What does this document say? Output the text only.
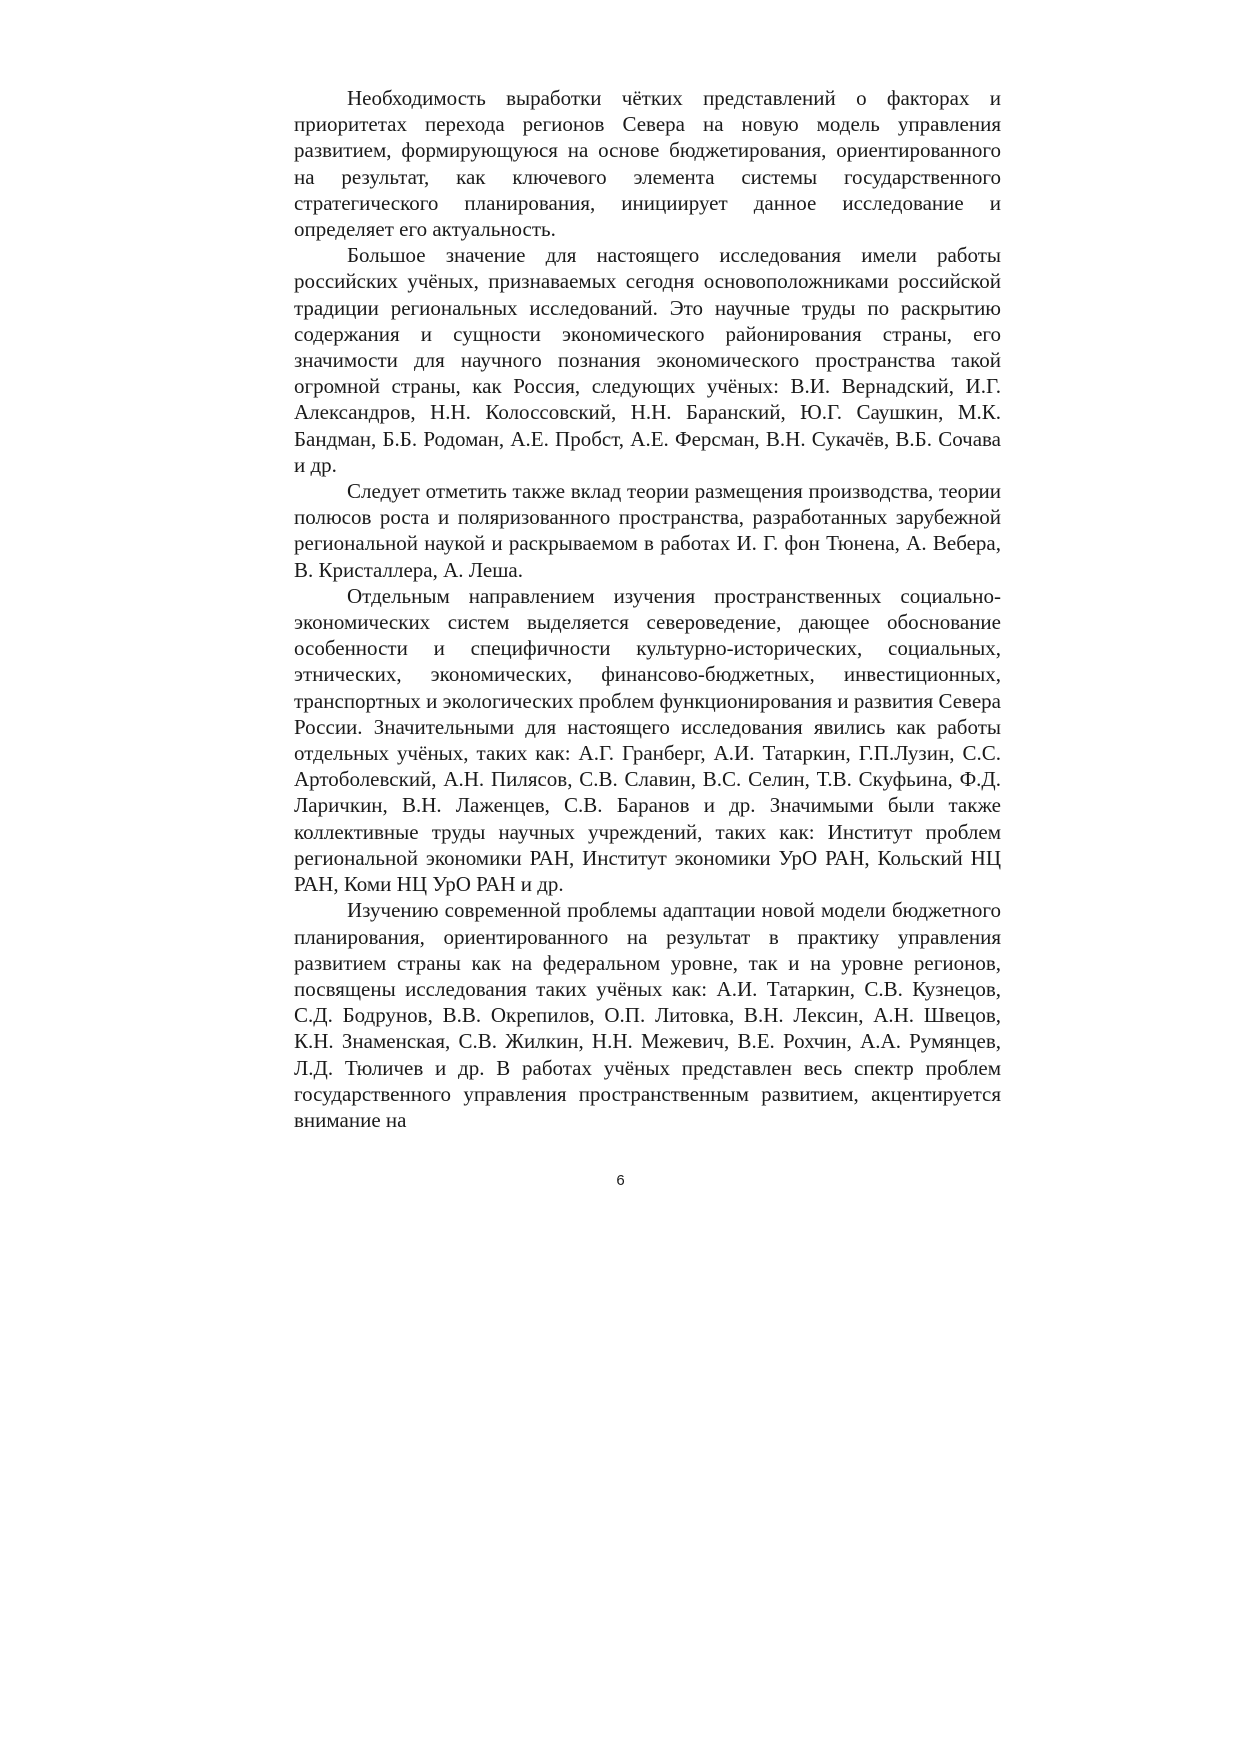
Необходимость выработки чётких представлений о факторах и приоритетах перехода регионов Севера на новую модель управления развитием, формирующуюся на основе бюджетирования, ориентированного на результат, как ключевого элемента системы государственного стратегического планирования, инициирует данное исследование и определяет его актуальность.

Большое значение для настоящего исследования имели работы российских учёных, признаваемых сегодня основоположниками российской традиции региональных исследований. Это научные труды по раскрытию содержания и сущности экономического районирования страны, его значимости для научного познания экономического пространства такой огромной страны, как Россия, следующих учёных: В.И. Вернадский, И.Г. Александров, Н.Н. Колоссовский, Н.Н. Баранский, Ю.Г. Саушкин, М.К. Бандман, Б.Б. Родоман, А.Е. Пробст, А.Е. Ферсман, В.Н. Сукачёв, В.Б. Сочава и др.

Следует отметить также вклад теории размещения производства, теории полюсов роста и поляризованного пространства, разработанных зарубежной региональной наукой и раскрываемом в работах И. Г. фон Тюнена, А. Вебера, В. Кристаллера, А. Леша.

Отдельным направлением изучения пространственных социально-экономических систем выделяется североведение, дающее обоснование особенности и специфичности культурно-исторических, социальных, этнических, экономических, финансово-бюджетных, инвестиционных, транспортных и экологических проблем функционирования и развития Севера России. Значительными для настоящего исследования явились как работы отдельных учёных, таких как: А.Г. Гранберг, А.И. Татаркин, Г.П.Лузин, С.С. Артоболевский, А.Н. Пилясов, С.В. Славин, В.С. Селин, Т.В. Скуфьина, Ф.Д. Ларичкин, В.Н. Лаженцев, С.В. Баранов и др. Значимыми были также коллективные труды научных учреждений, таких как: Институт проблем региональной экономики РАН, Институт экономики УрО РАН, Кольский НЦ РАН, Коми НЦ УрО РАН и др.

Изучению современной проблемы адаптации новой модели бюджетного планирования, ориентированного на результат в практику управления развитием страны как на федеральном уровне, так и на уровне регионов, посвящены исследования таких учёных как: А.И. Татаркин, С.В. Кузнецов, С.Д. Бодрунов, В.В. Окрепилов, О.П. Литовка, В.Н. Лексин, А.Н. Швецов, К.Н. Знаменская, С.В. Жилкин, Н.Н. Межевич, В.Е. Рохчин, А.А. Румянцев, Л.Д. Тюличев и др. В работах учёных представлен весь спектр проблем государственного управления пространственным развитием, акцентируется внимание на

6
